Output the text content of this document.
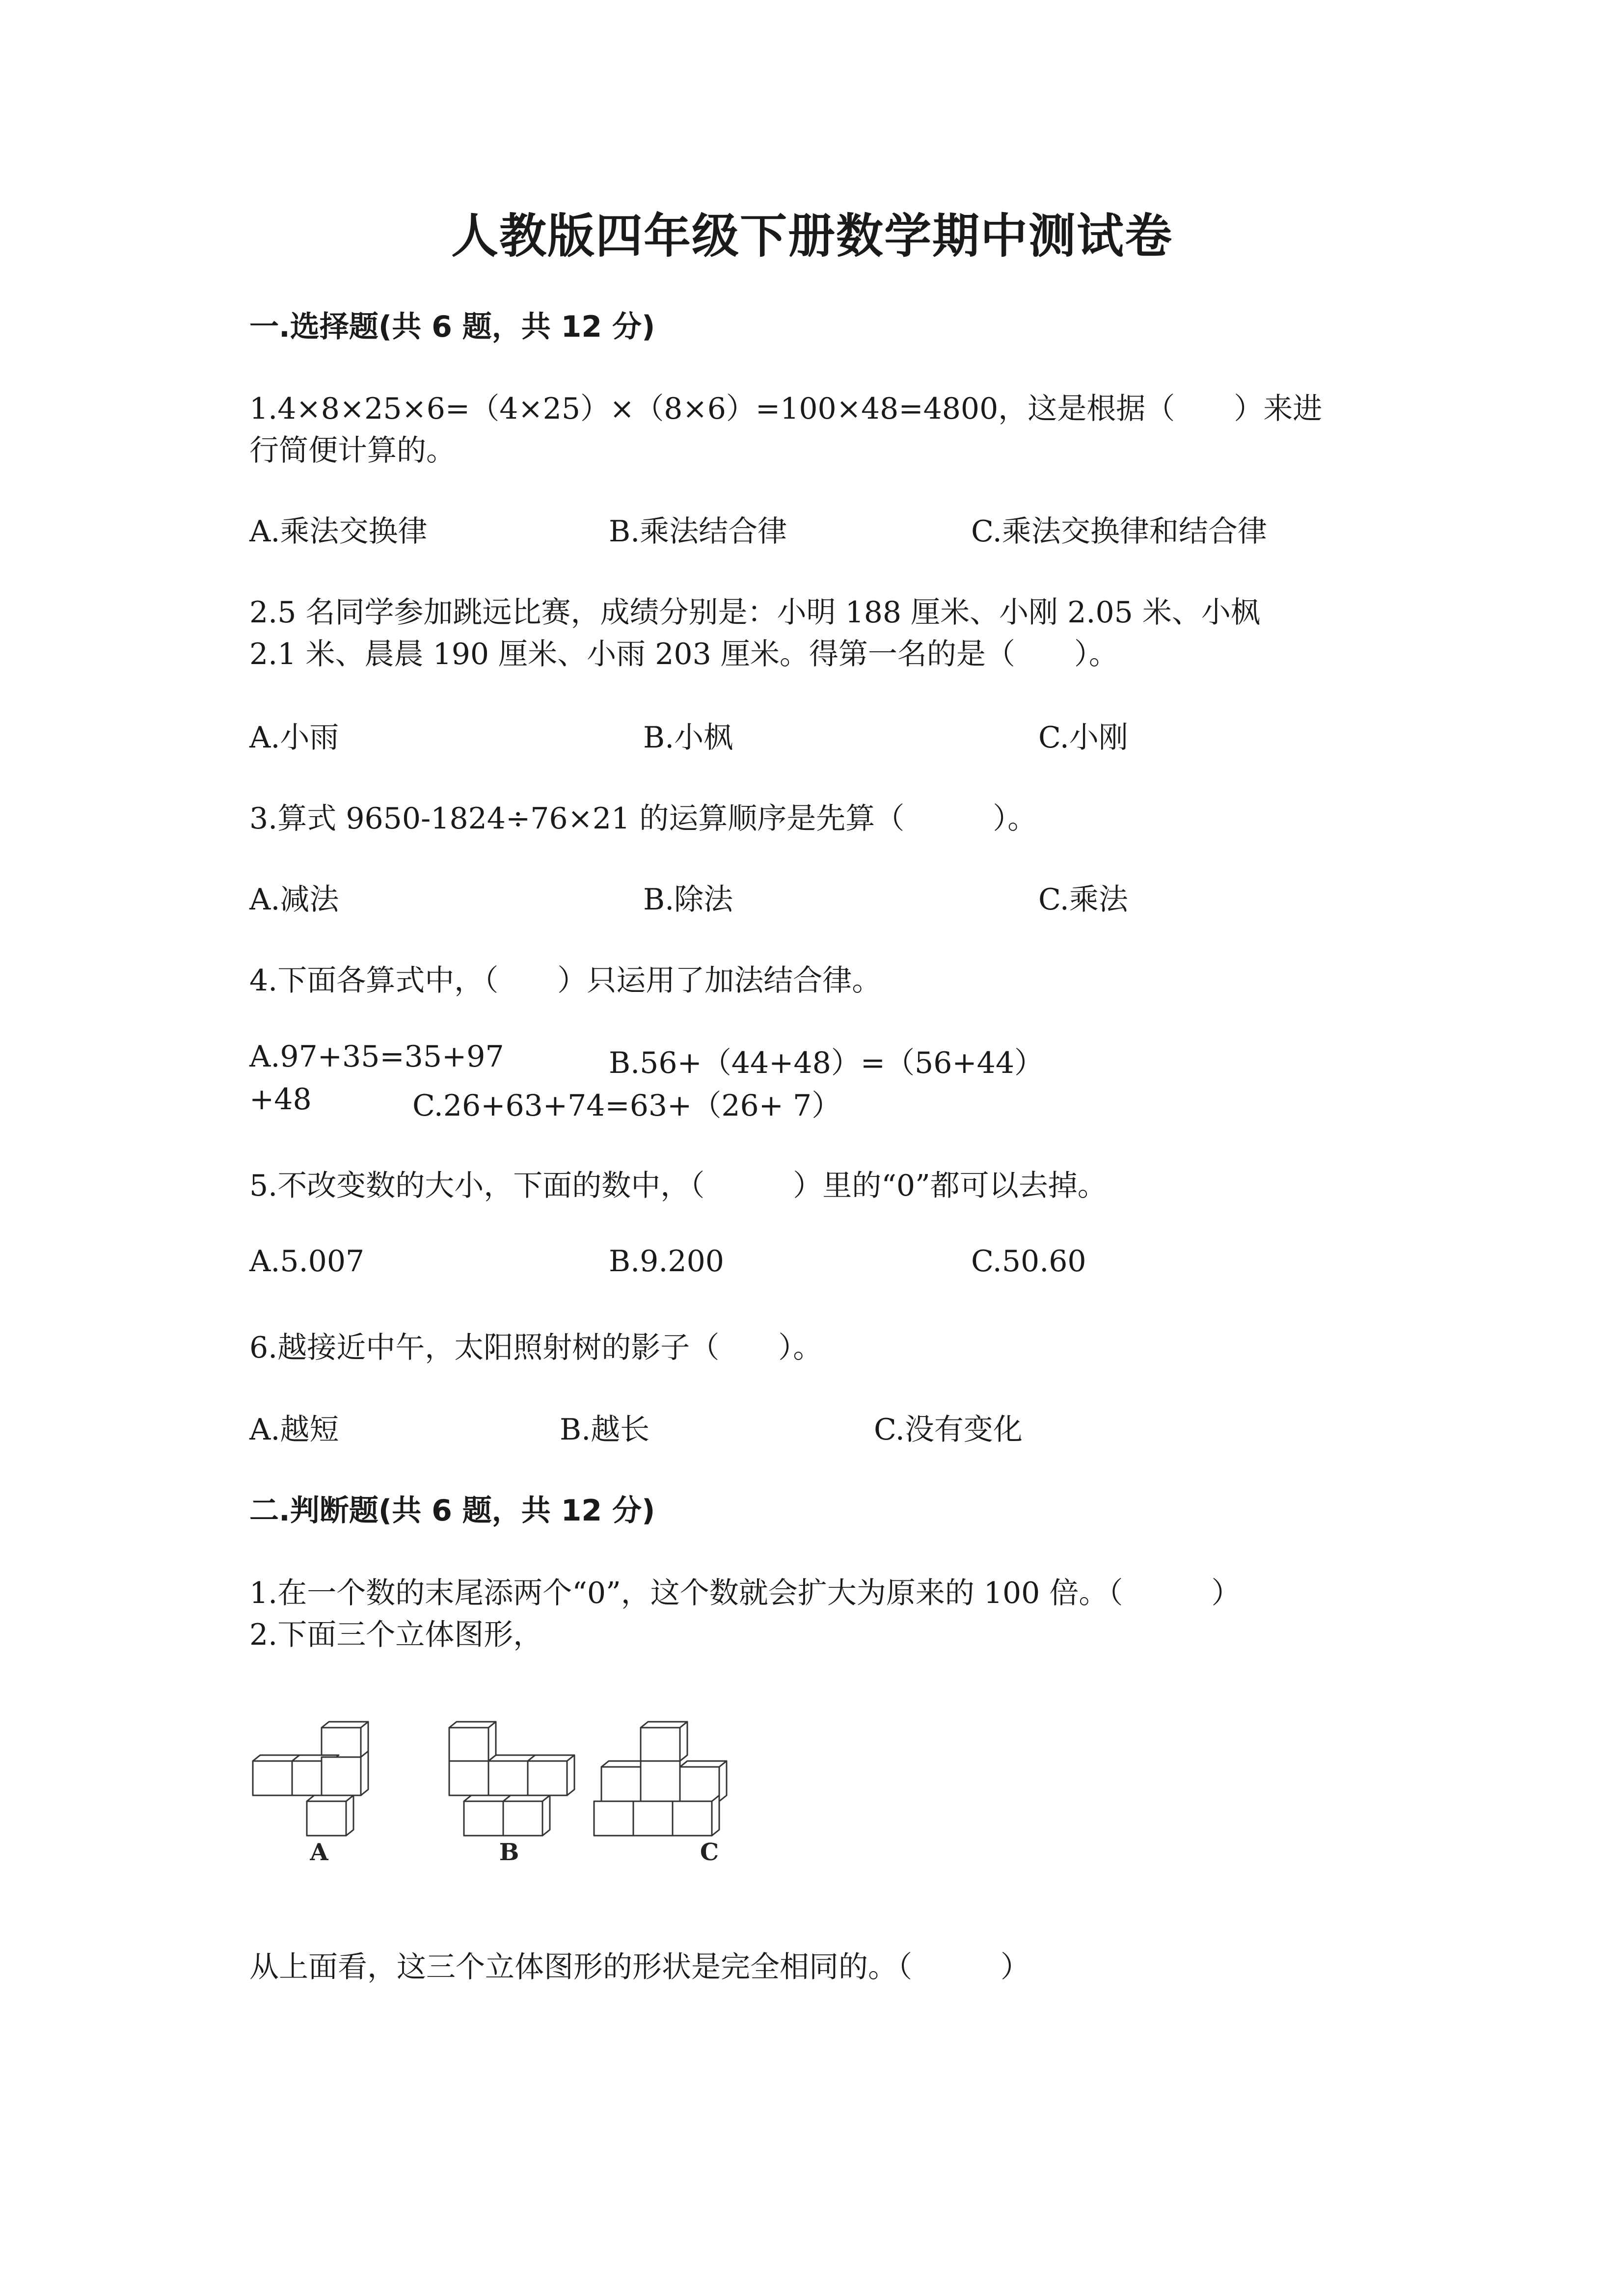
人教版四年级下册数学期中测试卷
一.选择题(共 6 题，共 12 分)
1.4×8×25×6=（4×25）×（8×6）=100×48=4800，这是根据（　　）来进
行简便计算的。
A.乘法交换律	B.乘法结合律	C.乘法交换律和结合律
2.5 名同学参加跳远比赛，成绩分别是：小明 188 厘米、小刚 2.05 米、小枫
2.1 米、晨晨 190 厘米、小雨 203 厘米。得第一名的是（　　）。
A.小雨	B.小枫	C.小刚
3.算式 9650-1824÷76×21 的运算顺序是先算（　　　）。
A.减法	B.除法	C.乘法
4.下面各算式中，（　　）只运用了加法结合律。
A.97+35=35+97	B.56+（44+48）=（56+44）
+48	C.26+63+74=63+（26+ 7）
5.不改变数的大小，下面的数中，（　　　）里的“0”都可以去掉。
A.5.007	B.9.200	C.50.60
6.越接近中午，太阳照射树的影子（　　）。
A.越短	B.越长	C.没有变化
二.判断题(共 6 题，共 12 分)
1.在一个数的末尾添两个“0”，这个数就会扩大为原来的 100 倍。（　　　）
2.下面三个立体图形，
A	B	C
从上面看，这三个立体图形的形状是完全相同的。（　　　）
